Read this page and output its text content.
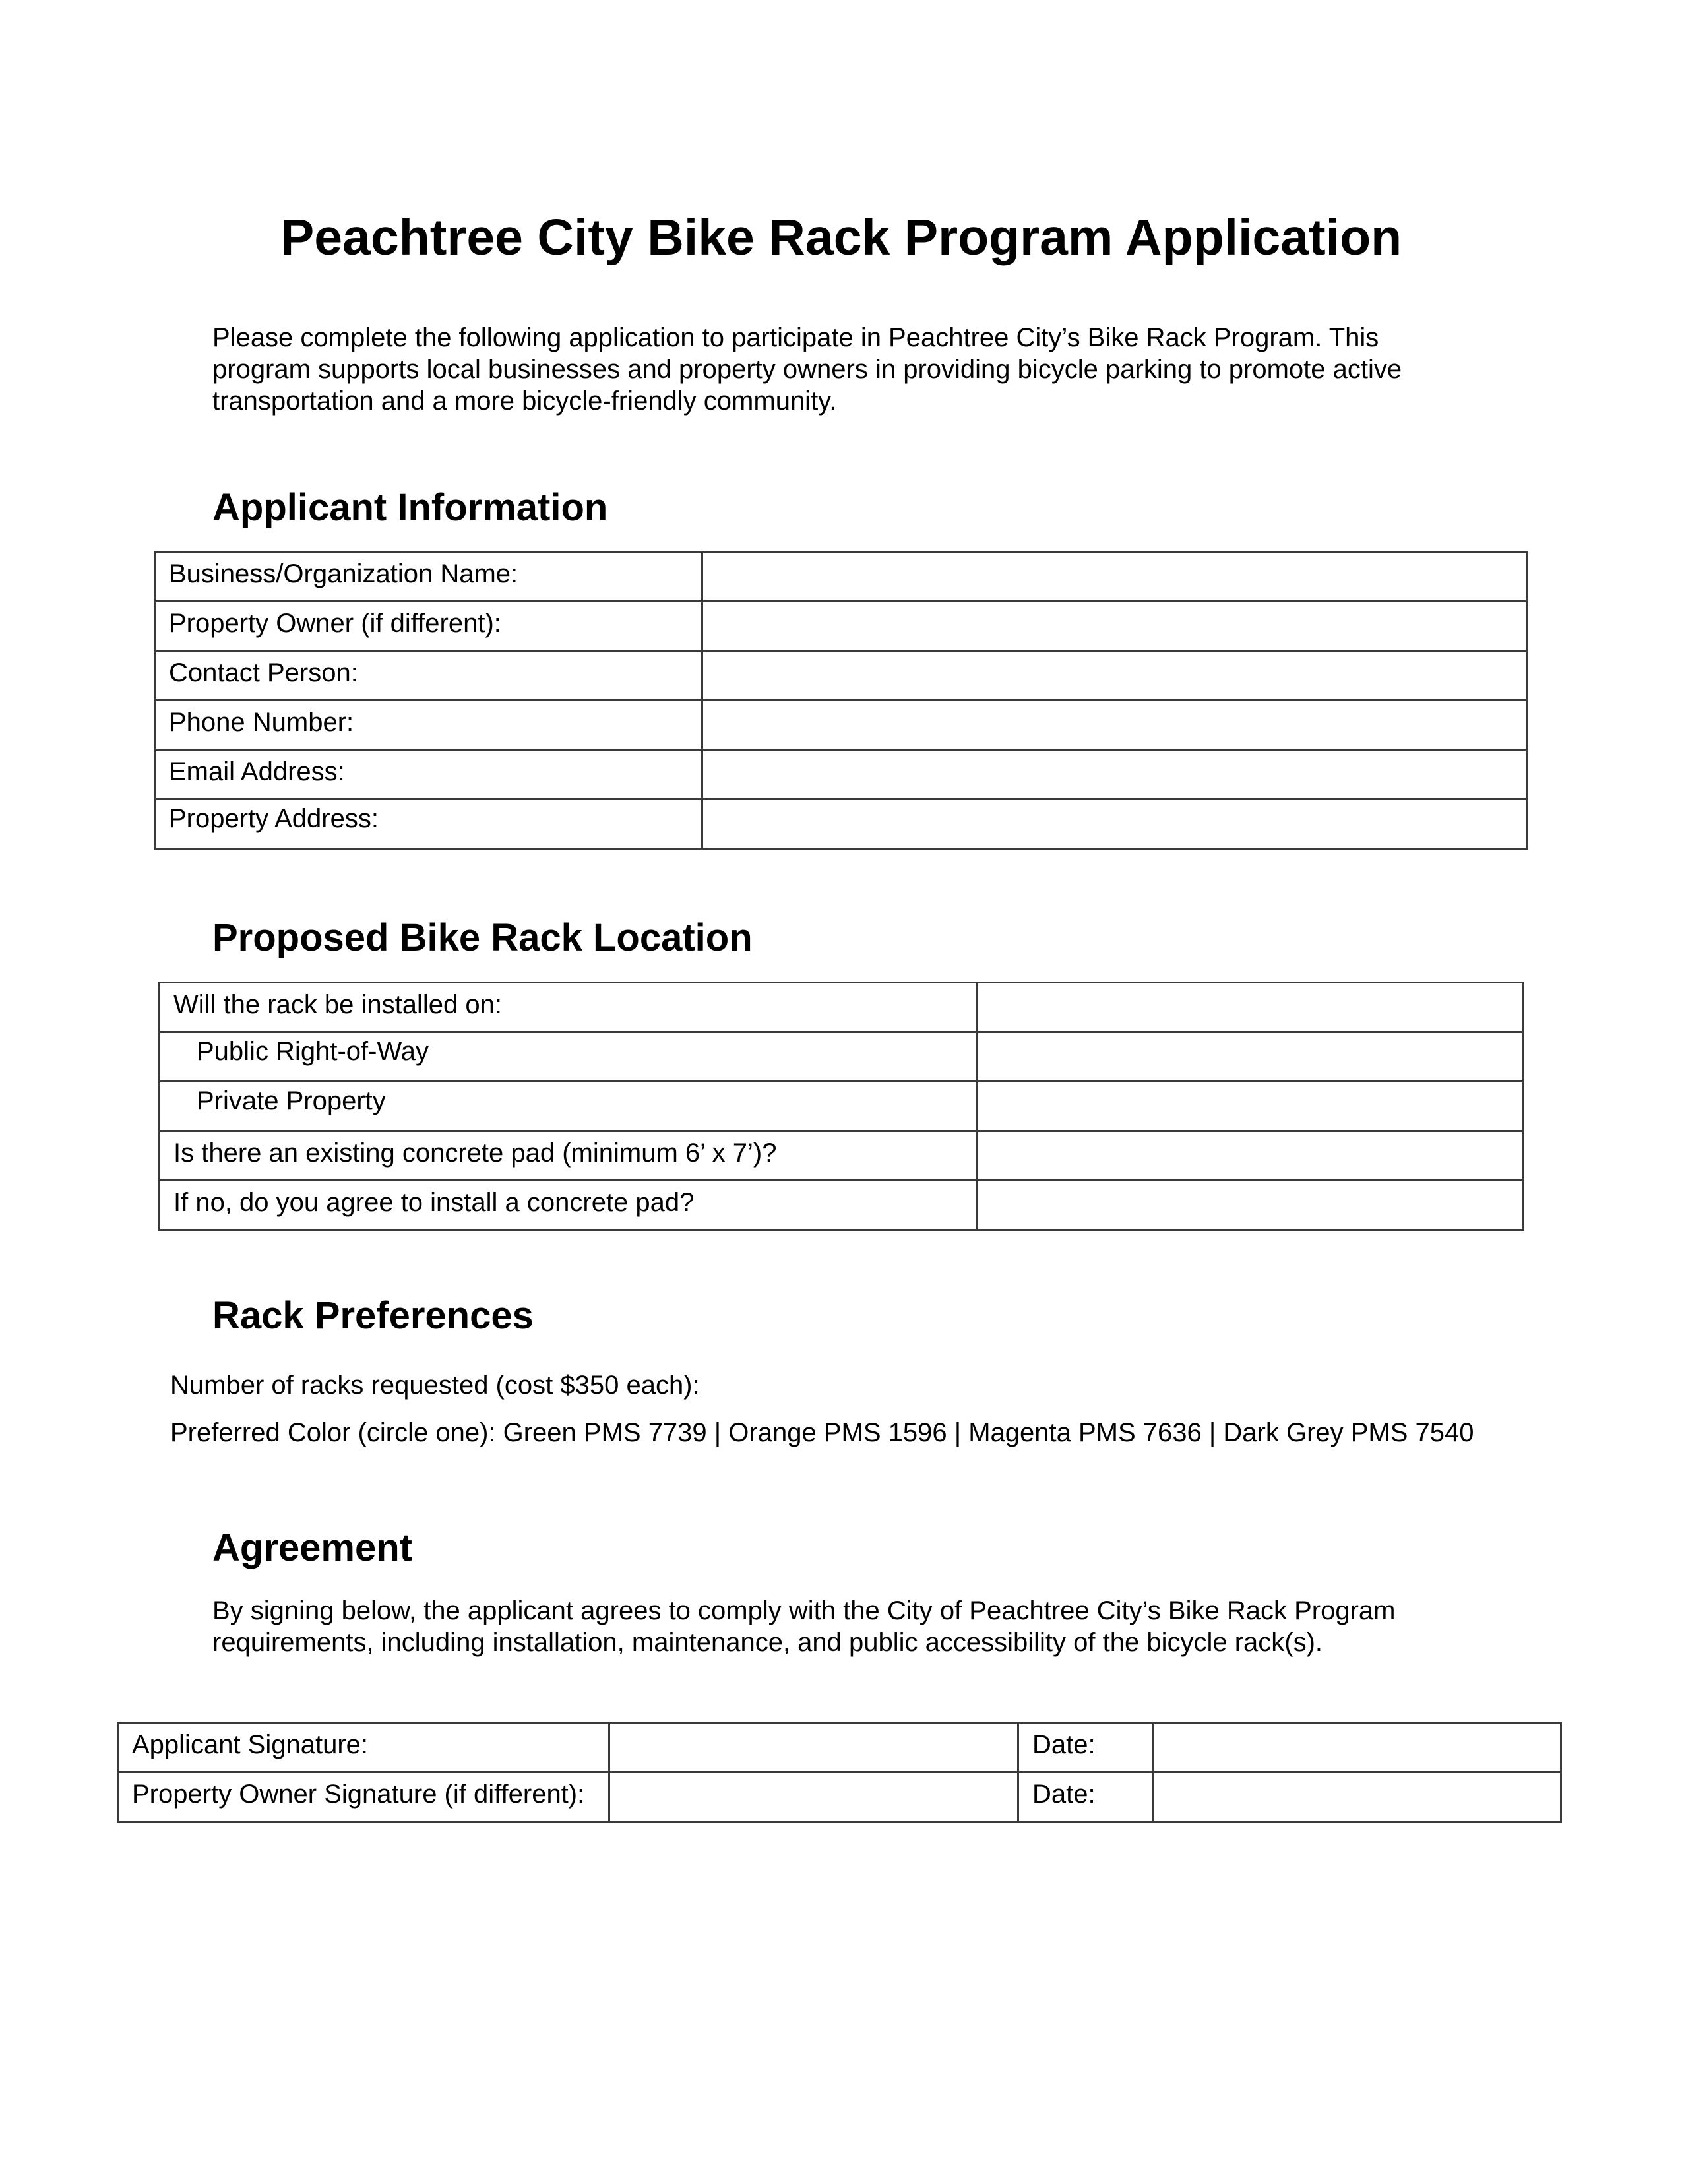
Peachtree City Bike Rack Program Application

Please complete the following application to participate in Peachtree City’s Bike Rack Program. This
program supports local businesses and property owners in providing bicycle parking to promote active
transportation and a more bicycle-friendly community.

Applicant Information
Business/Organization Name:	
Property Owner (if different):	
Contact Person:	
Phone Number:	
Email Address:	
Property Address:	
Proposed Bike Rack Location
Will the rack be installed on:	
Public Right-of-Way	
Private Property	
Is there an existing concrete pad (minimum 6’ x 7’)?	
If no, do you agree to install a concrete pad?	
Rack Preferences

Number of racks requested (cost $350 each):

Preferred Color (circle one): Green PMS 7739 | Orange PMS 1596 | Magenta PMS 7636 | Dark Grey PMS 7540

Agreement

By signing below, the applicant agrees to comply with the City of Peachtree City’s Bike Rack Program
requirements, including installation, maintenance, and public accessibility of the bicycle rack(s).

Applicant Signature:		Date:	
Property Owner Signature (if different):		Date:	
